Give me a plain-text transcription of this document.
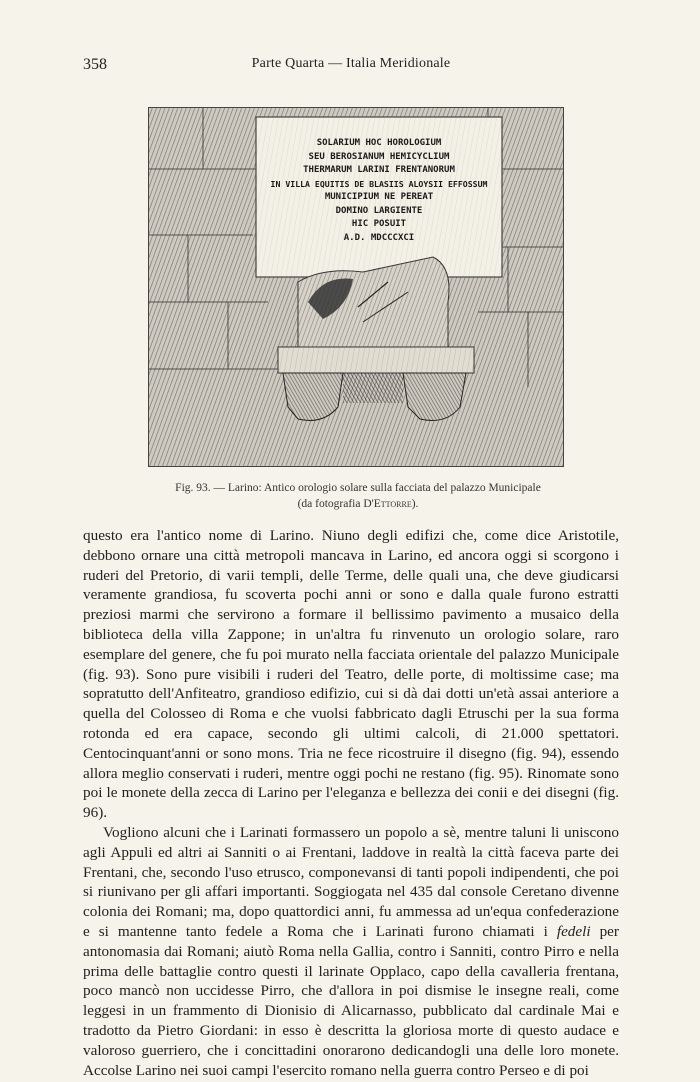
358	Parte Quarta — Italia Meridionale
SOLARIUM HOC HOROLOGIUM
SEU BEROSIANUM HEMICYCLIUM
THERMARUM LARINI FRENTANORUM
IN VILLA EQUITIS DE BLASIIS ALOYSII EFFOSSUM
MUNICIPIUM NE PEREAT
DOMINO LARGIENTE
HIC POSUIT
A.D. MDCCCXCI
Fig. 93. — Larino: Antico orologio solare sulla facciata del palazzo Municipale
(da fotografia D'Ettorre).

questo era l'antico nome di Larino. Niuno degli edifizi che, come dice Aristotile, debbono ornare una città metropoli mancava in Larino, ed ancora oggi si scorgono i ruderi del Pretorio, di varii templi, delle Terme, delle quali una, che deve giudicarsi veramente grandiosa, fu scoverta pochi anni or sono e dalla quale furono estratti preziosi marmi che servirono a formare il bellissimo pavimento a musaico della biblioteca della villa Zappone; in un'altra fu rinvenuto un orologio solare, raro esemplare del genere, che fu poi murato nella facciata orientale del palazzo Municipale (fig. 93). Sono pure visibili i ruderi del Teatro, delle porte, di moltissime case; ma sopratutto dell'Anfiteatro, grandioso edifizio, cui si dà dai dotti un'età assai anteriore a quella del Colosseo di Roma e che vuolsi fabbricato dagli Etruschi per la sua forma rotonda ed era capace, secondo gli ultimi calcoli, di 21.000 spettatori. Centocinquant'anni or sono mons. Tria ne fece ricostruire il disegno (fig. 94), essendo allora meglio conservati i ruderi, mentre oggi pochi ne restano (fig. 95). Rinomate sono poi le monete della zecca di Larino per l'eleganza e bellezza dei conii e dei disegni (fig. 96).

Vogliono alcuni che i Larinati formassero un popolo a sè, mentre taluni li uniscono agli Appuli ed altri ai Sanniti o ai Frentani, laddove in realtà la città faceva parte dei Frentani, che, secondo l'uso etrusco, componevansi di tanti popoli indipendenti, che poi si riunivano per gli affari importanti. Soggiogata nel 435 dal console Ceretano divenne colonia dei Romani; ma, dopo quattordici anni, fu ammessa ad un'equa confederazione e si mantenne tanto fedele a Roma che i Larinati furono chiamati i fedeli per antonomasia dai Romani; aiutò Roma nella Gallia, contro i Sanniti, contro Pirro e nella prima delle battaglie contro questi il larinate Opplaco, capo della cavalleria frentana, poco mancò non uccidesse Pirro, che d'allora in poi dismise le insegne reali, come leggesi in un frammento di Dionisio di Alicarnasso, pubblicato dal cardinale Mai e tradotto da Pietro Giordani: in esso è descritta la gloriosa morte di questo audace e valoroso guerriero, che i concittadini onorarono dedicandogli una delle loro monete. Accolse Larino nei suoi campi l'esercito romano nella guerra contro Perseo e di poi
